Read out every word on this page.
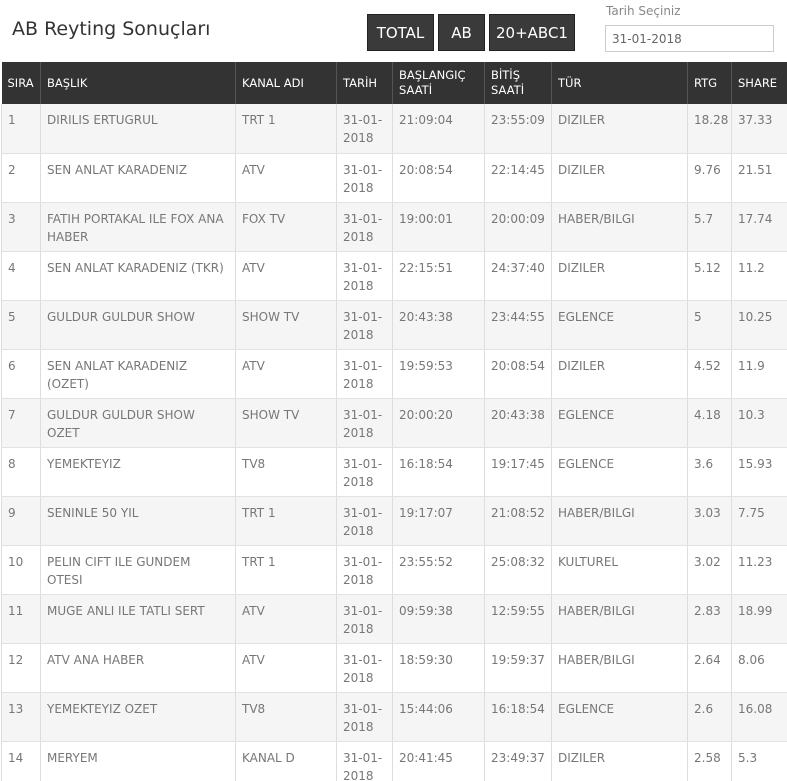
AB Reyting Sonuçları	TOTAL	AB	20+ABC1
Tarih Seçiniz
31-01-2018
SIRA	BAŞLIK	KANAL ADI	TARİH	BAŞLANGIÇ SAATİ	BİTİŞ SAATİ	TÜR	RTG	SHARE
1	DIRILIS ERTUGRUL	TRT 1	31-01-2018	21:09:04	23:55:09	DIZILER	18.28	37.33
2	SEN ANLAT KARADENIZ	ATV	31-01-2018	20:08:54	22:14:45	DIZILER	9.76	21.51
3	FATIH PORTAKAL ILE FOX ANA HABER	FOX TV	31-01-2018	19:00:01	20:00:09	HABER/BILGI	5.7	17.74
4	SEN ANLAT KARADENIZ (TKR)	ATV	31-01-2018	22:15:51	24:37:40	DIZILER	5.12	11.2
5	GULDUR GULDUR SHOW	SHOW TV	31-01-2018	20:43:38	23:44:55	EGLENCE	5	10.25
6	SEN ANLAT KARADENIZ (OZET)	ATV	31-01-2018	19:59:53	20:08:54	DIZILER	4.52	11.9
7	GULDUR GULDUR SHOW OZET	SHOW TV	31-01-2018	20:00:20	20:43:38	EGLENCE	4.18	10.3
8	YEMEKTEYIZ	TV8	31-01-2018	16:18:54	19:17:45	EGLENCE	3.6	15.93
9	SENINLE 50 YIL	TRT 1	31-01-2018	19:17:07	21:08:52	HABER/BILGI	3.03	7.75
10	PELIN CIFT ILE GUNDEM OTESI	TRT 1	31-01-2018	23:55:52	25:08:32	KULTUREL	3.02	11.23
11	MUGE ANLI ILE TATLI SERT	ATV	31-01-2018	09:59:38	12:59:55	HABER/BILGI	2.83	18.99
12	ATV ANA HABER	ATV	31-01-2018	18:59:30	19:59:37	HABER/BILGI	2.64	8.06
13	YEMEKTEYIZ OZET	TV8	31-01-2018	15:44:06	16:18:54	EGLENCE	2.6	16.08
14	MERYEM	KANAL D	31-01-2018	20:41:45	23:49:37	DIZILER	2.58	5.3
